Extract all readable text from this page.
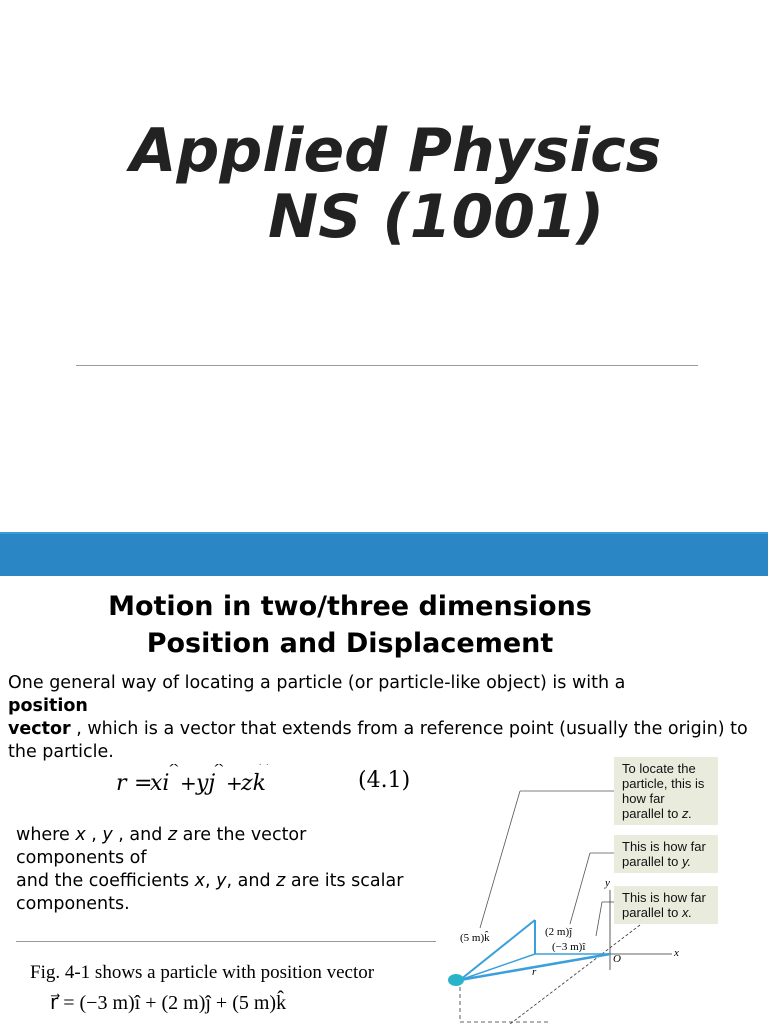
Applied Physics
NS (1001)
Motion in two/three dimensions
Position and Displacement
One general way of locating a particle (or particle-like object) is with a
position
vector , which is a vector that extends from a reference point (usually the origin) to the particle.
r =
xi
^
+ yj
^
+
zk
^
(4.1)
where x , y , and z are the vector components of
and the coefficients x, y, and z are its scalar
components.
Fig. 4-1 shows a particle with position vector
r⃗ = (−3 m)î + (2 m)ĵ + (5 m)k̂
To locate the particle, this is how far parallel to z.
This is how far parallel to y.
This is how far parallel to x.
(5 m)k̂	(2 m)ĵ
(−3 m)î
O
r⃗
y
x
